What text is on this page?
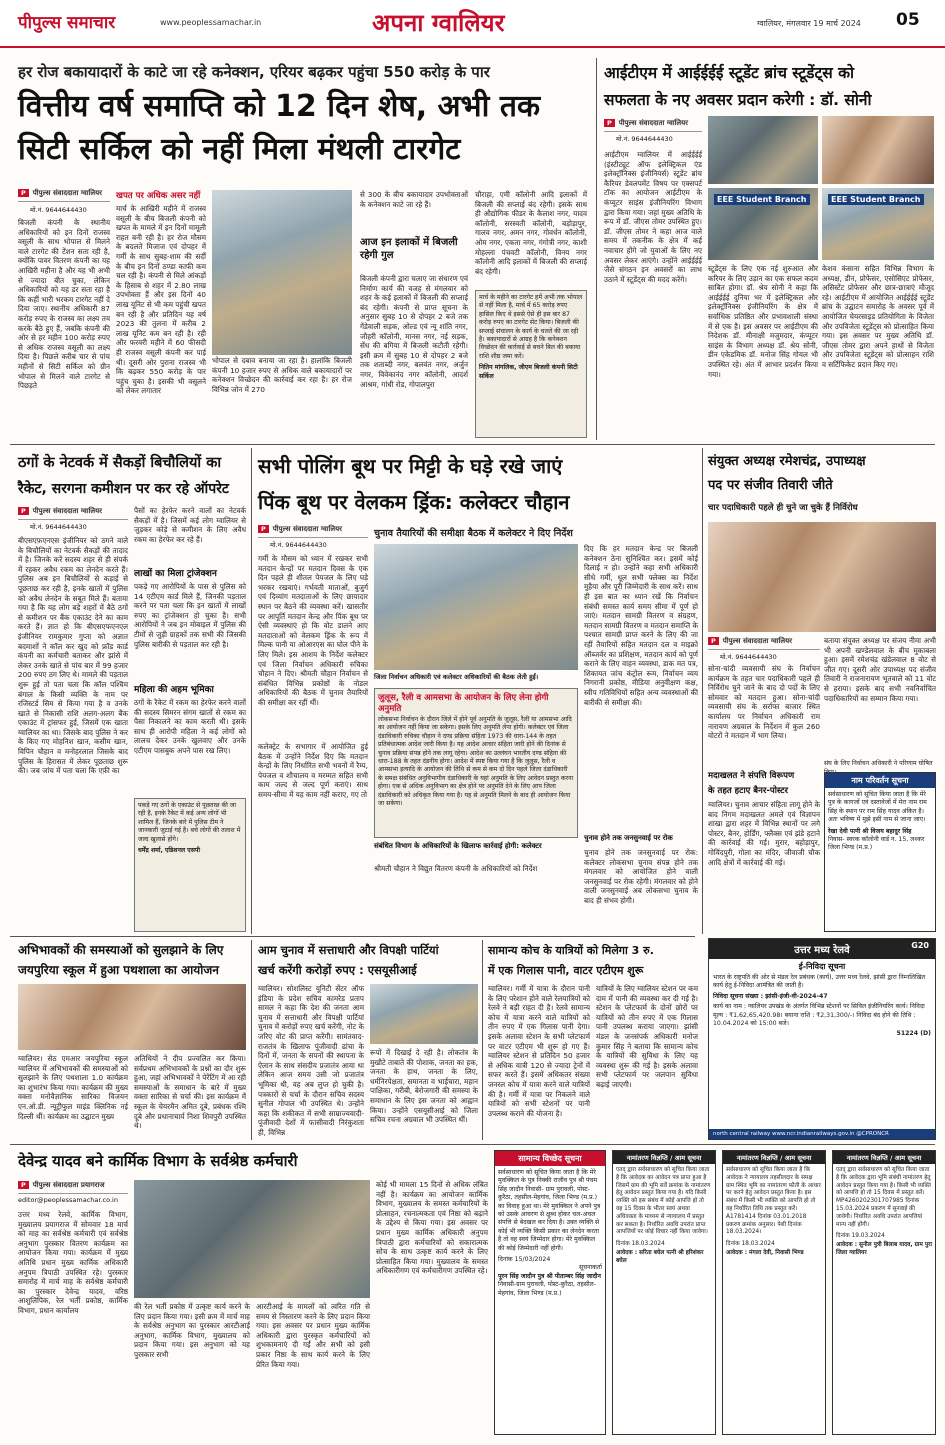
पीपुल्स समाचार	www.peoplessamachar.in	अपना ग्वालियर	ग्वालियर, मंगलवार 19 मार्च 2024 05
हर रोज बकायादारों के काटे जा रहे कनेक्शन, एरियर बढ़कर पहुंचा 550 करोड़ के पार
वित्तीय वर्ष समाप्ति को 12 दिन शेष, अभी तक
सिटी सर्किल को नहीं मिला मंथली टारगेट
P पीपुल्स संवाददाता ग्वालियर
मो.नं. 9644644430
बिजली कंपनी के स्थानीय अधिकारियों को इन दिनों राजस्व वसूली के साथ भोपाल से मिलने वाले टारगेट की टेंशन सता रही है, क्योंकि पावर वितरण कंपनी का यह आखिरी महीना है और यह भी अभी से ज्यादा बीत चुका, लेकिन अधिकारियों को यह डर सता रहा है कि कहीं भारी भरकम टारगेट नहीं दे दिया जाए। स्थानीय अधिकारी 87 करोड़ रुपए के राजस्व का लक्ष्य तय करके बैठे हुए हैं, जबकि कंपनी की ओर से हर महीन 100 करोड़ रुपए से अधिक राजस्व वसूली का लक्ष्य दिया है। पिछले करीब चार से पांच महीनों से सिटी सर्किल को ग्रीन भोपाल से मिलने वाले टारगेट से पिछड़ते
खपत पर अधिक असर नहीं
मार्च के आखिरी महीने में राजस्व वसूली के बीच बिजली कंपनी को खपत के मामले में इन दिनों मामूली राहत बनी रही है। हर रोज मौसम के बदलते मिजाज एवं दोपहर में गर्मी के साथ सुबह-शाम की सर्दी के बीच इन दिनों ठण्डा काफी कम चल रही है। कंपनी से मिले आंकड़ों के हिसाब से शहर में 2.80 लाख उपभोक्ता हैं और इस दिनों 40 लाख यूनिट से भी कम पहुंची खपत बन रही है और प्रतिदिन यह वर्ष 2023 की तुलना में करीब 2 लाख यूनिट कम बन रही है। रही और फरवरी महीने में 60 फीसदी ही राजस्व वसूली कंपनी कर पाई थी। दूसरी ओर पुराना राजस्व भी कि बढ़कर 550 करोड़ के पार पहुंच चुका है। इसकी भी वसूलने को लेकर लगातार
भोपाल से दबाव बनाया जा रहा है। हालांकि बिजली कंपनी 10 हजार रुपए से अधिक वाले बकायादारों पर कनेक्शन विच्छेदन की कार्रवाई कर रहा है। हर रोज विभिन्न जोन में 270
से 300 के बीच बकायादार उपभोक्ताओं के कनेक्शन काटे जा रहे हैं।
आज इन इलाकों में बिजली रहेगी गुल
बिजली कंपनी द्वारा चलाए जा संधारण एवं निर्माण कार्य की वजह से मंगलवार को शहर के कई इलाकों में बिजली की सप्लाई बंद रहेगी। कंपनी से प्राप्त सूचना के अनुसार सुबह 10 से दोपहर 2 बजे तक गेंडेवाली सड़क, ओल्ड एवं न्यू शांति नगर, जौहरी कॉलोनी, मानस नगर, नई सड़क, सेंध की बगिया में बिजली कटौती रहेगी। इसी क्रम में सुबह 10 से दोपहर 2 बजे तक शताब्दी नगर, बलवंत नगर, अर्जुन नगर, विवेकानंद नगर कॉलोनी, आदर्श आश्रम, गांधी रोड, गोपालपुरा
चौराहा, एमी कॉलोनी आदि इलाकों में बिजली की सप्लाई बंद रहेगी। इसके साथ ही औद्योगिक फीडर के कैलाश नगर, यादव कॉलोनी, सरस्वती कॉलोनी, बड़ोड़ापुर, गालव नगर, अमन नगर, गोवर्धन कॉलोनी, ओम नगर, एकता नगर, गंगोत्री नगर, काशी मोहल्ला पंचवटी कॉलोनी, विनय नगर कॉलोनी आदि इलाकों में बिजली की सप्लाई बंद रहेगी।
मार्च के महीने का टारगेट हमें अभी तक भोपाल से नहीं मिला है, मार्च में 65 करोड़ रुपए हासिल किए थे इससे ऐसे ही इस बार 87 करोड़ रुपए का टारगेट सेट किया। बिजली की सप्लाई संचालन के कार्य के चलते की जा रही है। बकायादारों से आग्रह है कि कनेक्शन विच्छेदन की कार्रवाई से बचने बिल की बकाया राशि शीघ्र जमा करें।
नितिन मांगलिक, जीएम बिजली कंपनी सिटी सर्किल
आईटीएम में आईईईई स्टूडेंट ब्रांच स्टूडेंट्स को
सफलता के नए अवसर प्रदान करेगी : डॉ. सोनी
P पीपुल्स संवाददाता ग्वालियर
मो.नं. 9644644430
आईटीएम ग्वालियर में आईईईई (इंस्टीट्यूट ऑफ इलेक्ट्रिकल एंड इलेक्ट्रॉनिक्स इंजीनियर्स) स्टूडेंट ब्रांच कैरियर डेवलपमेंट विषय पर एक्सपर्ट टॉक का आयोजन आईटीएम के कंप्यूटर साइंस इंजीनियरिंग विभाग द्वारा किया गया। जहां मुख्य अतिथि के रूप में डॉ. जीएस तोमर उपस्थित हुए। डॉ. जीएस तोमर ने कहा आज वाले समय में तकनीक के क्षेत्र में कई नवाचार होंगे जो युवाओं के लिए नए अवसर लेकर आएंगे। उन्होंने आईईईई जैसे संगठन इन अवसरों का लाभ उठाने में स्टूडेंट्स की मदद करेंगे।
EEE Student Branch	EEE Student Branch
स्टूडेंट्स के लिए एक नई शुरुआत और करियर के लिए उड़ान का एक सफल कदम साबित होगा। डॉ. श्रेय सोनी ने कहा कि आईईईई दुनिया भर में इलेक्ट्रिकल और इलेक्ट्रॉनिक्स इंजीनियरिंग के क्षेत्र में सर्वाधिक प्रतिष्ठित और प्रभावशाली संस्था में से एक है। इस अवसर पर आईटीएम की निदेशक डॉ. मीनाक्षी मजुमदार, कंप्यूटर साइंस के विभाग अध्यक्ष डॉ. श्रेय सोनी, डीन एकेडमिक डॉ. मनोज सिंह गोयल भी उपस्थित रहे। अंत में आभार प्रदर्शन किया गया।
केशव कंसाना सहित विभिन्न विभाग के अध्यक्ष, डीन, प्रोफेसर, एसोसिएट प्रोफेसर, असिस्टेंट प्रोफेसर और छात्र-छात्राएं मौजूद रहे। आईटीएम में आयोजित आईईईई स्टूडेंट ब्रांच के उद्घाटन समारोह के अवसर पूर्व में आयोजित चेयरसाइड प्रतियोगिता के विजेता और उपविजेता स्टूडेंट्स को प्रोत्साहित किया गया। इस अवसर पर मुख्य अतिथि डॉ. जीएस तोमर द्वारा अपने हाथों से विजेता और उपविजेता स्टूडेंट्स को प्रोत्साहन राशि व सर्टिफिकेट प्रदान किए गए।
ठगों के नेटवर्क में सैकड़ों बिचौलियों का
रैकेट, सरगना कमीशन पर कर रहे ऑपरेट
P पीपुल्स संवाददाता ग्वालियर
मो.नं. 9644644430
बीएसएफ़एनएस इंजीनियर को ठगने वाले के बिचौलियों का नेटवर्क सैकड़ों की तादाद में है। जिनके करें सदस्य शहर से ही संपर्क में रहकर अवैध रकम का लेनदेन करते हैं। पुलिस अब इन बिचौलियों से कड़ाई से पूछताछ कर रही है, इनके खातों में पुलिस को अवैध लेनदेन के सबूत मिले हैं। बताया गया है कि यह लोग बड़े शहरों में बैठे ठगों से कमीशन पर बैंक एकाउंट देने का काम करते हैं। ज्ञात हो कि बीएसएफएनएल इंजीनियर रामकुमार गुप्ता को अज्ञात बदमाशों ने कॉल कर खुद को फ्रॉड कार्ड कंपनी का कर्मचारी बताकर और झांसे में लेकर उनके खाते से पांच बार में 99 हजार 200 रुपए ठग लिए थे। मामले की पड़ताल शुरू हुई तो पता चला कि कॉल पश्चिम बंगाल के किसी व्यक्ति के नाम पर रजिस्टर्ड सिम से किया गया है व उनके खाते से निकासी राशि अलग-अलग बैंक एकाउंट में ट्रांसफर हुई, जिसमें एक खाता ग्वालियर का था। जिसके बाद पुलिस ने कर के किए गए मोहनिश खान, कसीम खान, विपिन चौहान व मनोहरलाल जिसके बाद पुलिस के हिरासत में लेकर पूछताछ शुरू की। जब जांच में पता चला कि एफ़ी का
पैसों का हेरफेर करने वालों का नेटवर्क सैकड़ों में है। जिसमें कई लोग ग्वालियर से जुड़कर कोड़े से कमीशन के लिए अवैध रकम का हेरफेर कर रहे हैं।
लाखों का मिला ट्रांजेक्शन
पकड़े गए आरोपियों के पास से पुलिस को 14 एटीएम कार्ड मिले हैं, जिनकी पड़ताल करने पर पता चला कि इन खातों में लाखों रुपए का ट्रांजेक्शन हो चुका है। सभी आरोपियों ने जब इन मोबाइल में पुलिस की टीमों से जुड़ी ग्राहकों तक सभी की जिसकी पुलिस बारीकी से पड़ताल कर रही है।
महिला की अहम भूमिका
ठगों के रैकेट में रकम का हेरफेर करने वालों की सदस्य सिमरन संगम खातों से रकम का पैसा निकालने का काम करती थी। इसके साथ ही आरोपी महिला ने कई लोगों को लालच देकर उनके खुलवाए और उनके एटीएम पासबुक अपने पास रख लिए।
पकड़े गए ठगों के एकाउंट से पूछताछ की जा रही है, इनके रैकेट में कई अन्य लोगों भी शामिल हैं, जिनके बारे में पुलिस टीम ने जानकारी जुटाई गई है। बचे लोगों की तलाश में जल्द खुलासे होंगे।
धर्मेंद्र शर्मा, एडिशनल एसपी
सभी पोलिंग बूथ पर मिट्टी के घड़े रखे जाएं
पिंक बूथ पर वेलकम ड्रिंक: कलेक्टर चौहान
P पीपुल्स संवाददाता ग्वालियर
मो.नं. 9644644430
चुनाव तैयारियों की समीक्षा बैठक में कलेक्टर ने दिए निर्देश
गर्मी के मौसम को ध्यान में रखकर सभी मतदान केन्द्रों पर मतदान दिवस के एक दिन पहले ही शीतल पेयजल के लिए घड़े भरकर रखवाएं। गर्भवती माताओं, बुजुर्ग एवं दिव्यांग मतदाताओं के लिए छायादार स्थान पर बैठने की व्यवस्था करें। खासतौर पर आपूर्ति मतदान केन्द्र और पिंक बूथ पर ऐसी व्यवस्थाएं हो कि वोट डालने आए मतदाताओं को वेलकम ड्रिंक के रूप में मिल्क पानी या ओआरएस का घोल पीने के लिए मिले। इस आशय के निर्देश कलेक्टर एवं जिला निर्वाचन अधिकारी रुचिका चौहान ने दिए। श्रीमती चौहान निर्वाचन से संबंधित विभिन्न प्रकोष्ठों के नोडल अधिकारियों की बैठक में चुनाव तैयारियों की समीक्षा कर रहीं थीं।
कलेक्ट्रेट के सभागार में आयोजित हुई बैठक में उन्होंने निर्देश दिए कि मतदान केन्द्रों के लिए निर्धारित सभी भवनों में रैम्प, पेयजल व शौचालय व मरम्मत सहित सभी काम जल्द से जल्द पूर्ण कराएं। साथ समय-सीमा में यह काम नहीं कराए, गए तो
जिला निर्वाचन अधिकारी एवं कलेक्टर अधिकारियों की बैठक लेती हुईं।
दिए कि हर मतदान केन्द्र पर बिजली कनेक्शन ठेना सुनिश्चित कर। इसमें कोई दिलाई न हो। उन्होंने कहा सभी अधिकारी सीधे गर्मी, धूल सभी फ्लेक्स का निर्देश मुहैया और पूरी जिम्मेदारी के साथ करें। साथ ही इस बात का ध्यान रखें कि निर्वाचन संबंधी समस्त कार्य समय सीमा में पूर्ण हो जाएं। मतदान सामग्री वितरण व संग्रहण, मतदान सामग्री वितरण व मतदान समाप्ति के पश्चात सामग्री प्राप्त करने के लिए की जा रहीं तैयारियों सहित मतदान दल व माइक्रो ऑब्जर्वर का प्रशिक्षण, मतदान कार्य को पूर्ण कराने के लिए वाहन व्यवस्था, डाक मत पत्र, शिकायत जांच कंट्रोल रूम, निर्वाचन व्यय निगरानी प्रकोष्ठ, मीडिया अनुवीक्षण कक्ष, स्वीप गतिविधियों सहित अन्य व्यवस्थाओं की बारीकी से समीक्षा की।
जुलूस, रैली व आमसभा के आयोजन के लिए लेना होगी अनुमति
लोकसभा निर्वाचन के दौरान जिले में होने पूर्व अनुमति के जुलूस, रैली या आमसभा आदि का आयोजन नहीं किया जा सकेगा। इसके लिए अनुमति लेना होगी। कलेक्टर एवं जिला दंडाधिकारी रुचिका चौहान ने दण्ड प्रक्रिया संहिता 1973 की धारा-144 के तहत प्रतिबंधात्मक आदेश जारी किया है। यह आदेश आचार संहिता जारी होने की दिनांक से चुनाव प्रक्रिया संपन्न होने तक लागू रहेगा। आदेश का उल्लंघन भारतीय दण्ड संहिता की धारा-188 के तहत दंडनीय होगा। आदेश में स्पष्ट किया गया है कि जुलूस, रैली व आमसभा इत्यादि के आयोजन की तिथि से कम से कम दो दिन पहले जिला दंडाधिकारी के समक्ष संबंधित अनुविभागीय दंडाधिकारी के यहां अनुमति के लिए आवेदन प्रस्तुत करना होगा। एक से अधिक अनुविभाग का क्षेत्र होने पर अनुमति देने के लिए आप जिला दंडाधिकारी को अधिकृत किया गया है। यह से अनुमति मिलने के बाद ही आयोजन किया जा सकेगा।
संबंधित विभाग के अधिकारियों के खिलाफ कार्रवाई होगी: कलेक्टर
श्रीमती चौहान ने विद्युत वितरण कंपनी के अधिकारियों को निर्देश
चुनाव होने तक जनसुनवाई पर रोक
चुनाव होने तक जनसुनवाई पर रोक: कलेक्टर लोकसभा चुनाव संपन्न होने तक मंगलवार को आयोजित होने वाली जनसुनवाई पर रोक रहेगी। मंगलवार को होने वाली जनसुनवाई अब लोकसभा चुनाव के बाद ही संभव होगी।
संयुक्त अध्यक्ष रमेशचंद्र, उपाध्यक्ष
पद पर संजीव तिवारी जीते
चार पदाधिकारी पहले ही चुने जा चुके हैं निर्विरोध
P पीपुल्स संवाददाता ग्वालियर
मो.नं. 9644644430
सोना-चांदी व्यवसायी संघ के निर्वाचन कार्यक्रम के तहत चार पदाधिकारी पहले ही निर्विरोध चुने जाने के बाद दो पदों के लिए सोमवार को मतदान हुआ। सोना-चांदी व्यवसायी संघ के सर्राफा बाजार स्थित कार्यालय पर निर्वाचन अधिकारी राम नारायण अग्रवाल के निर्देशन में कुल 260 वोटरों ने मतदान में भाग लिया।
बताया संयुक्त अध्यक्ष पर संजय नीमा अभी भी अपनी खण्डेलवाल के बीच मुकाबला हुआ। इसमें रमेशचंद्र खंडेलवाल 8 वोट से जीत गए। दूसरी ओर उपाध्यक्ष पद संजीव तिवारी ने राजनारायण भूतवाले को 11 वोट से हराया। इसके बाद सभी नवनिर्वाचित पदाधिकारियों का सम्मान किया गया।
संघ के लिए निर्वाचन अधिकारी ने परिणाम घोषित
मदाखलत ने संपत्ति विरूपण
के तहत हटाए बैनर-पोस्टर
ग्वालियर। चुनाव आचार संहिता लागू होने के बाद निगम मदाखलत अमले एवं विज्ञापन शाखा द्वारा शहर में विभिन्न स्थानों पर लगे पोस्टर, बैनर, होर्डिंग, फ्लैक्स एवं झंडे हटाने की कार्रवाई की गई। मुरार, बहोड़ापुर, गोविंदपुरी, गोला का मंदिर, जीवाजी चौक आदि क्षेत्रों में कार्रवाई की गई।
नाम परिवर्तन सूचना
सर्वसाधारण को सूचित किया जाता है कि मेरे पुत्र के कागजों एवं दस्तावेजों में मेरा नाम राम सिंह के स्थान पर राम सिंह यादव अंकित है। अतः भविष्य में मुझे इसी नाम से जाना जाए।
रेखा देवी पत्नी श्री विजय बहादुर सिंह
निवास- स्वरक कॉलोनी वार्ड न. 15, लश्कर जिला भिण्ड (म.प्र.)
अभिभावकों की समस्याओं को सुलझाने के लिए
जयपुरिया स्कूल में हुआ पथशाला का आयोजन
ग्वालियर। सेठ एमआर जयपुरिया स्कूल ग्वालियर में अभिभावकों की समस्याओं को सुलझाने के लिए पथशाला 1.0 कार्यक्रम का शुभारंभ किया गया। कार्यक्रम की मुख्य वक्ता मनोवैज्ञानिक सारिका विजयन एन.ओ.डी. न्यूट्रीफुल माइंड क्लिनिक नई दिल्ली थीं। कार्यक्रम का उद्घाटन मुख्य
अतिथियों ने दीप प्रज्वलित कर किया। सर्वप्रथम अभिभावकों के प्रश्नों का दौर शुरू हुआ, जहां अभिभावकों ने पेरेंटिंग में आ रही समस्याओं के समाधान के बारे में मुख्य वक्ता सारिका से चर्चा की। इस कार्यक्रम में स्कूल के चेयरमैन अमित दूबे, प्रबंधक रश्मि दूबे और प्रधानाचार्य निशा शिवपुरी उपस्थित थे।
आम चुनाव में सत्ताधारी और विपक्षी पार्टियां
खर्च करेंगी करोड़ों रुपए : एसयूसीआई
ग्वालियर। सोशलिस्ट यूनिटी सेंटर ऑफ इंडिया के प्रदेश सचिव कामरेड प्रताप सामल ने कहा कि देश की जनता आम चुनाव में सत्ताधारी और विपक्षी पार्टियां चुनाव में करोड़ों रुपए खर्च करेंगी, नोट के जरिए वोट की प्राप्त करेंगी। सामंतवाद-राजतंत्र के खिलाफ पूंजीवादी ढांचा के दिनों में, जनता के सपनों की स्थापना के ऐलान के साथ संसदीय प्रजातंत्र आया था लेकिन आज समय उसी जो प्रजातंत्र भूमिका थी, वह अब लुप्त हो चुकी है। पत्रकारों से चर्चा के दौरान सचिव सदस्य सुनील गोपाल भी उपस्थित थे। उन्होंने कहा कि शकीकत में सभी साम्राज्यवादी-पूंजीवादी देशों में फासीवादी निरंकुशता ही, विभिन्न
रूपों में दिखाई दे रही है। लोकतंत्र के मुखौटे ताबाते की पोशाक, जनता का हक, जनता के हाथ, जनता के लिए, धर्मनिरपेक्षता, समानता व भाईचारा, महान पाक्षिका, गरीबी, बेरोजगारी की समस्या के समाधान के लिए इस जनता को आह्वान किया। उन्होंने एसयूसीआई को जिला सचिव रचना अग्रवाल भी उपस्थित थीं।
सामान्य कोच के यात्रियों को मिलेगा 3 रु.
में एक गिलास पानी, वाटर एटीएम शुरू
ग्वालियर। गर्मी में यात्रा के दौरान पानी के लिए परेशान होने वाले रेलयात्रियों को रेलवे ने बड़ी राहत दी है। रेलवे सामान्य कोच में यात्रा करने वाले यात्रियों को तीन रुपए में एक गिलास पानी देगा। इसके अलावा स्टेशन के सभी प्लेटफार्म पर वाटर एटीएम भी शुरू हो गए हैं। ग्वालियर स्टेशन से प्रतिदिन 50 हजार से अधिक यात्री 120 से ज्यादा ट्रेनों में सफर करते हैं। इसमें अधिकतर संख्या जनरल कोच में यात्रा करने वाले यात्रियों की है। गर्मी में यात्रा पर निकलने वाले यात्रियों को सभी स्टेशनों पर पानी उपलब्ध कराने की योजना है।
यात्रियों के लिए ग्वालियर स्टेशन पर कम दाम में पानी की व्यवस्था कर दी गई है। स्टेशन के प्लेटफार्म के दोनों छोरों पर यात्रियों को तीन रुपए में एक गिलास पानी उपलब्ध कराया जाएगा। झांसी मंडल के जनसंपर्क अधिकारी मनोज कुमार सिंह ने बताया कि सामान्य कोच के यात्रियों की सुविधा के लिए यह व्यवस्था शुरू की गई है। इसके अलावा सभी प्लेटफार्म पर जलपान सुविधा बढ़ाई जाएगी।
उत्तर मध्य रेलवे	G20
ई-निविदा सूचना
भारत के राष्ट्रपति की ओर से मंडल रेल प्रबंधक (कार्य), उत्तर मध्य रेलवे, झांसी द्वारा निम्नलिखित कार्य हेतु ई-निविदा आमंत्रित की जाती है।
निविदा सूचना संख्या : झांसी-इंजी-वी-2024-47
कार्य का नाम : ग्वालियर उपखंड के अंतर्गत विभिन्न स्टेशनों पर सिविल इंजीनियरिंग कार्य। निविदा मूल्य : ₹1,62,65,420.98। बयाना राशि : ₹2,31,300/-। निविदा बंद होने की तिथि : 10.04.2024 को 15:00 बजे।
51224 (D)
north central railway www.ncr.indianrailways.gov.in @CPRONCR
देवेन्द्र यादव बने कार्मिक विभाग के सर्वश्रेष्ठ कर्मचारी
P पीपुल्स संवाददाता प्रयागराज
editor@peoplessamachar.co.in
उत्तर मध्य रेलवे, कार्मिक विभाग, मुख्यालय प्रयागराज में सोमवार 18 मार्च को माह का सर्वश्रेष्ठ कर्मचारी एवं सर्वश्रेष्ठ अनुभाग पुरस्कार वितरण कार्यक्रम का आयोजन किया गया। कार्यक्रम में मुख्य अतिथि प्रधान मुख्य कार्मिक अधिकारी अनुपम त्रिपाठी उपस्थित रहे। पुरस्कार समारोह में मार्च माह के सर्वश्रेष्ठ कर्मचारी का पुरस्कार देवेन्द्र यादव, वरिष्ठ आशुलिपिक, रेल भर्ती प्रकोष्ठ, कार्मिक विभाग, प्रधान कार्यालय	की रेल भर्ती प्रकोष्ठ में उत्कृष्ट कार्य करने के लिए प्रदान किया गया। इसी क्रम में मार्च माह के सर्वश्रेष्ठ अनुभाग का पुरस्कार आरटीआई अनुभाग, कार्मिक विभाग, मुख्यालय को प्रदान किया गया। इस अनुभाग को यह पुरस्कार सभी
आरटीआई के मामलों को त्वरित गति से समय से निस्तारण करने के लिए प्रदान किया गया। इस अवसर पर प्रधान मुख्य कार्मिक अधिकारी द्वारा पुरस्कृत कर्मचारियों को शुभकामनाएं दी गईं और सभी को इसी प्रकार निष्ठा के साथ कार्य करने के लिए प्रेरित किया गया।
कोई भी मामला 15 दिनों से अधिक लंबित नहीं है। कार्यक्रम का आयोजन कार्मिक विभाग, मुख्यालय के समस्त कर्मचारियों के प्रोत्साहन, रचनात्मकता एवं निष्ठा को बढ़ाने के उद्देश्य से किया गया। इस अवसर पर प्रधान मुख्य कार्मिक अधिकारी अनुपम त्रिपाठी द्वारा कर्मचारियों को सकारात्मक सोच के साथ उत्कृष्ट कार्य करने के लिए प्रोत्साहित किया गया। मुख्यालय के समस्त अधिकारीगण एवं कर्मचारीगण उपस्थित रहे।
सामान्य विच्छेद सूचना
सर्वसाधारण को सूचित किया जाता है कि मेरे मुवक्किल के पुत्र निक्की राजीव पुत्र श्री पंचम सिंह जादौन निवासी- ग्राम पुरावली, पोस्ट-कुरैठा, तहसील-मेहगांव, जिला भिण्ड (म.प्र.) का विवाह हुआ था। मेरे मुवक्किल ने अपने पुत्र को उसके आचरण से क्षुब्ध होकर चल-अचल संपत्ति से बेदखल कर दिया है। उक्त व्यक्ति से कोई भी व्यक्ति किसी प्रकार का लेनदेन करता है तो वह स्वयं जिम्मेदार होगा। मेरे मुवक्किल की कोई जिम्मेदारी नहीं होगी।
दिनांक 15/03/2024
सूचनाकर्ता
पूरन सिंह जादौन पुत्र श्री पीताम्बर सिंह जादौन
निवासी-ग्राम पुरावली, पोस्ट-कुरैठा, तहसील-मेहगांव, जिला भिण्ड (म.प्र.)
नामांतरण विज्ञप्ति / आम सूचना
एतद् द्वारा सर्वसाधारण को सूचित किया जाता है कि आवेदक का आवेदन पत्र प्राप्त हुआ है जिसमें ग्राम की भूमि सर्वे क्रमांक के नामांतरण हेतु आवेदन प्रस्तुत किया गया है। यदि किसी व्यक्ति को इस संबंध में कोई आपत्ति हो तो वह 15 दिवस के भीतर स्वयं अथवा अधिवक्ता के माध्यम से न्यायालय में प्रस्तुत कर सकता है। निर्धारित अवधि उपरांत प्राप्त आपत्तियों पर कोई विचार नहीं किया जावेगा।
दिनांक 18.03.2024
आवेदक : सरिता बघेल पत्नी श्री हरिशंकर बघेल
नामांतरण विज्ञप्ति / आम सूचना
सर्वसाधारण को सूचित किया जाता है कि आवेदक ने न्यायालय तहसीलदार के समक्ष ग्राम स्थित भूमि का नामांतरण फौती के आधार पर करने हेतु आवेदन प्रस्तुत किया है। इस संबंध में किसी भी व्यक्ति को आपत्ति हो तो वह निर्धारित तिथि तक प्रस्तुत करें। A1781414 दिनांक 03.01.2018 प्रकरण क्रमांक अनुसार। पेशी दिनांक 18.03.2024।
दिनांक 18.03.2024
आवेदक : मंगला देवी, निवासी भिण्ड
नामांतरण विज्ञप्ति / आम सूचना
एतद् द्वारा सर्वसाधारण को सूचित किया जाता है कि आवेदक द्वारा भूमि संबंधी नामांतरण हेतु आवेदन प्रस्तुत किया गया है। किसी भी व्यक्ति को आपत्ति हो तो 15 दिवस में प्रस्तुत करें। MP4260202301707985 दिनांक 15.03.2024 प्रकरण में सुनवाई की जावेगी। निर्धारित अवधि उपरांत आपत्तियां मान्य नहीं होंगी।
दिनांक 19.03.2024
आवेदक : सुनील पुत्री बिलाब यादव, ग्राम पुरा जिला ग्वालियर
